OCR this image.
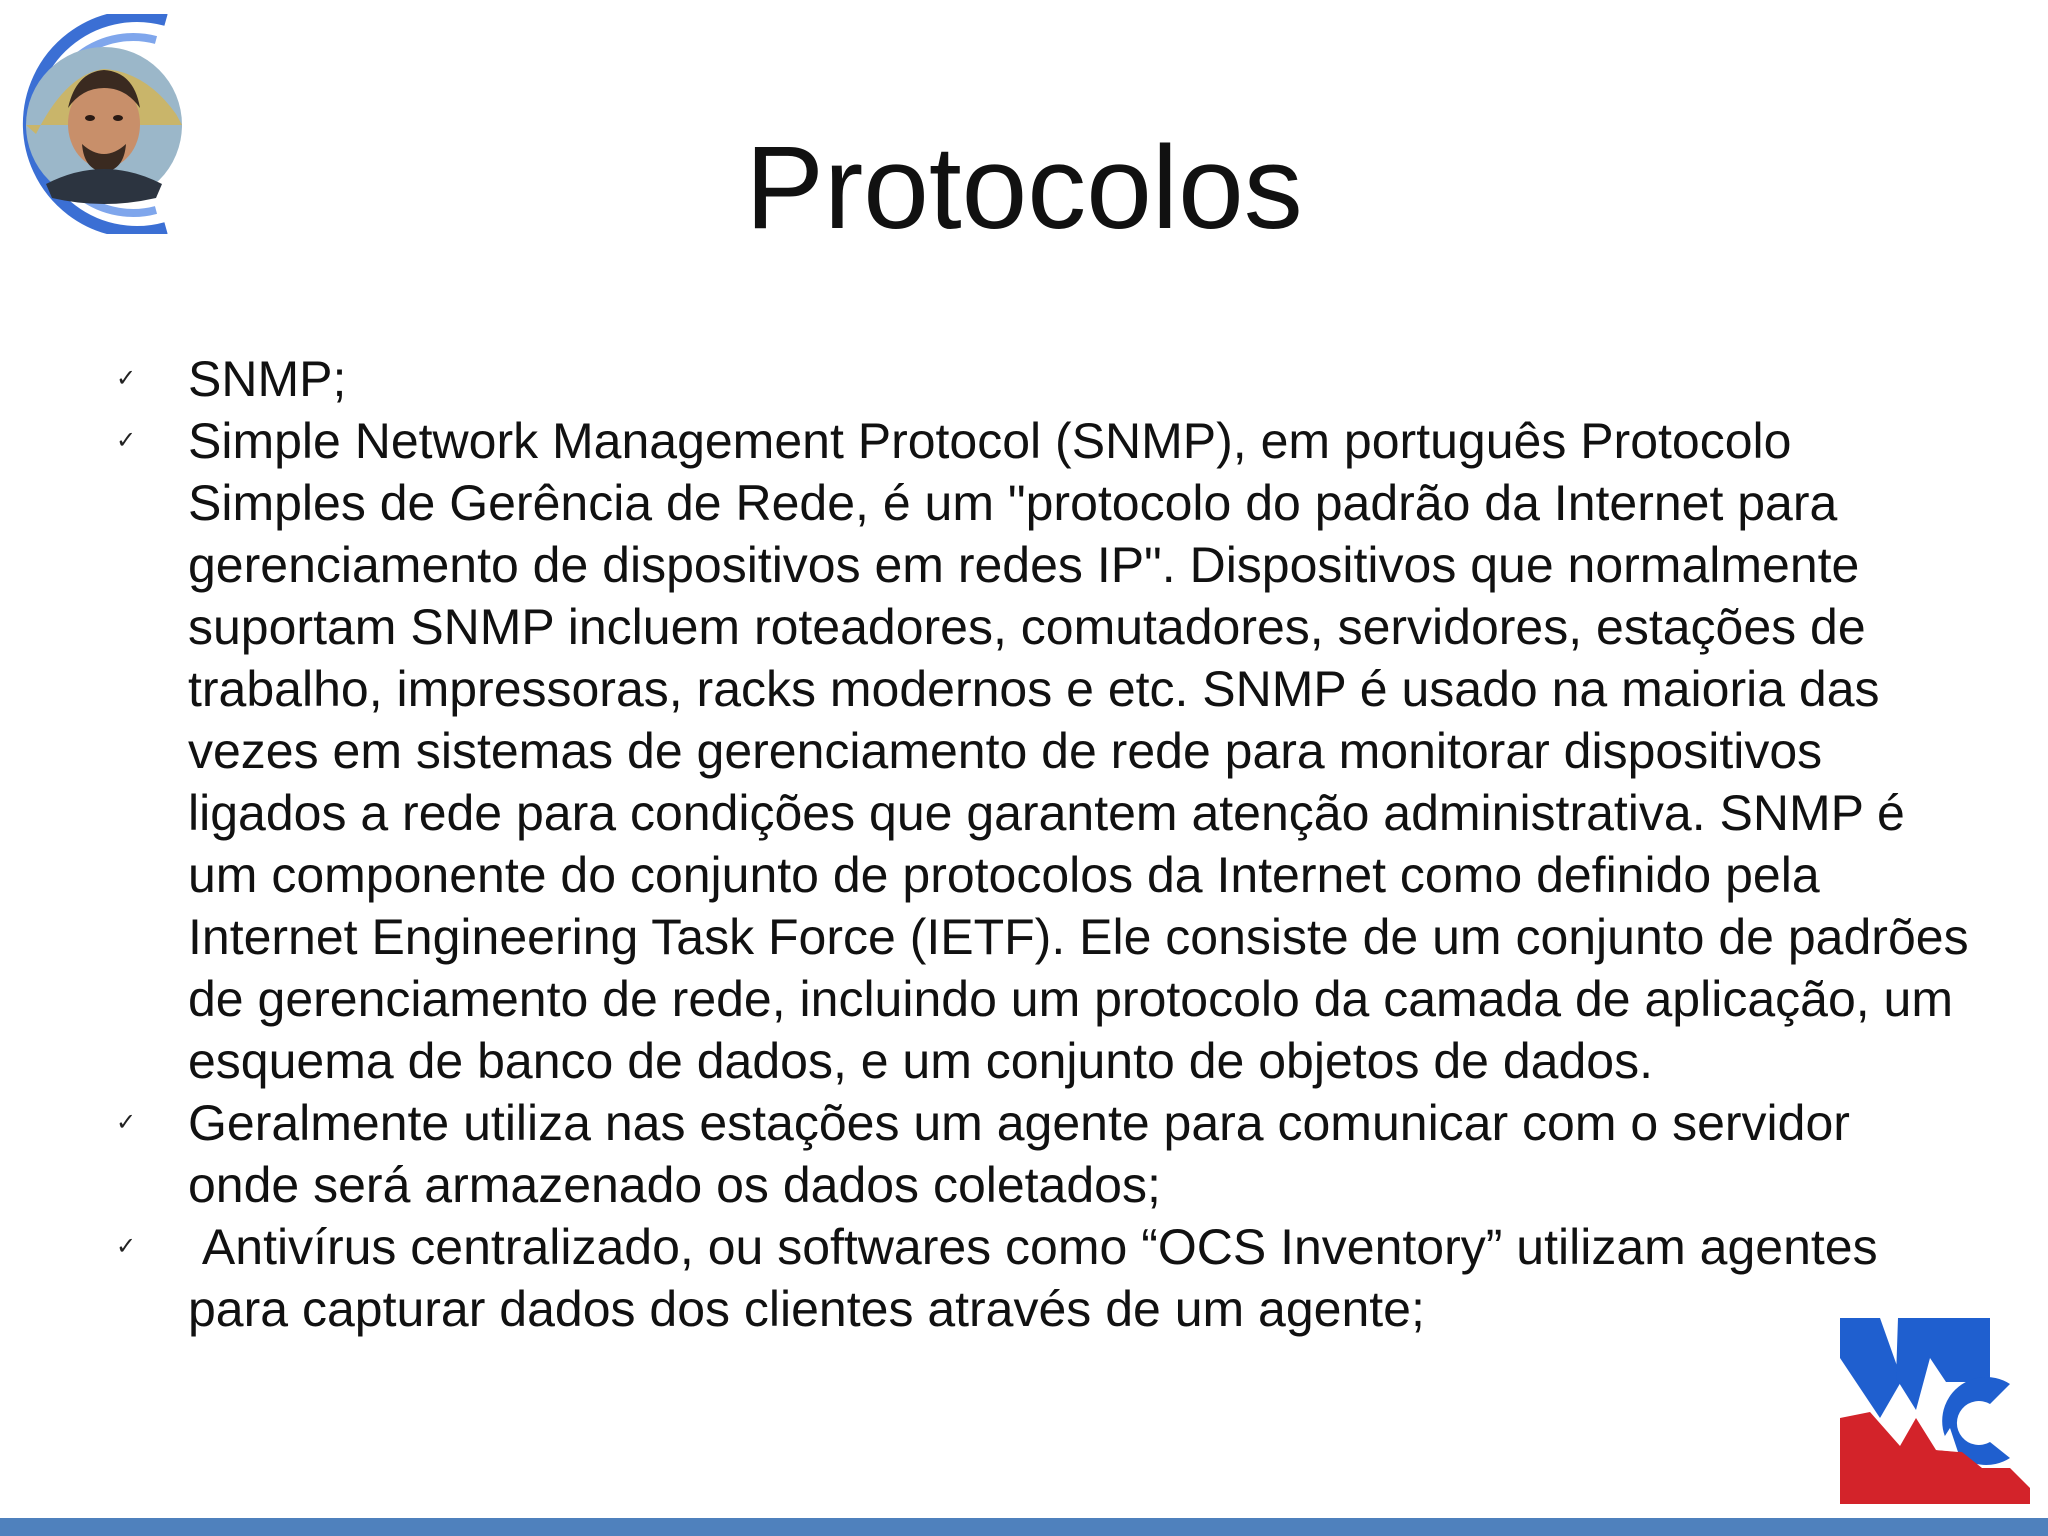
Protocolos
✓ SNMP;
✓ Simple Network Management Protocol (SNMP), em português Protocolo Simples de Gerência de Rede, é um "protocolo do padrão da Internet para gerenciamento de dispositivos em redes IP". Dispositivos que normalmente suportam SNMP incluem roteadores, comutadores, servidores, estações de trabalho, impressoras, racks modernos e etc. SNMP é usado na maioria das vezes em sistemas de gerenciamento de rede para monitorar dispositivos ligados a rede para condições que garantem atenção administrativa. SNMP é um componente do conjunto de protocolos da Internet como definido pela Internet Engineering Task Force (IETF). Ele consiste de um conjunto de padrões de gerenciamento de rede, incluindo um protocolo da camada de aplicação, um esquema de banco de dados, e um conjunto de objetos de dados.
✓ Geralmente utiliza nas estações um agente para comunicar com o servidor onde será armazenado os dados coletados;
✓ Antivírus centralizado, ou softwares como “OCS Inventory” utilizam agentes para capturar dados dos clientes através de um agente;
